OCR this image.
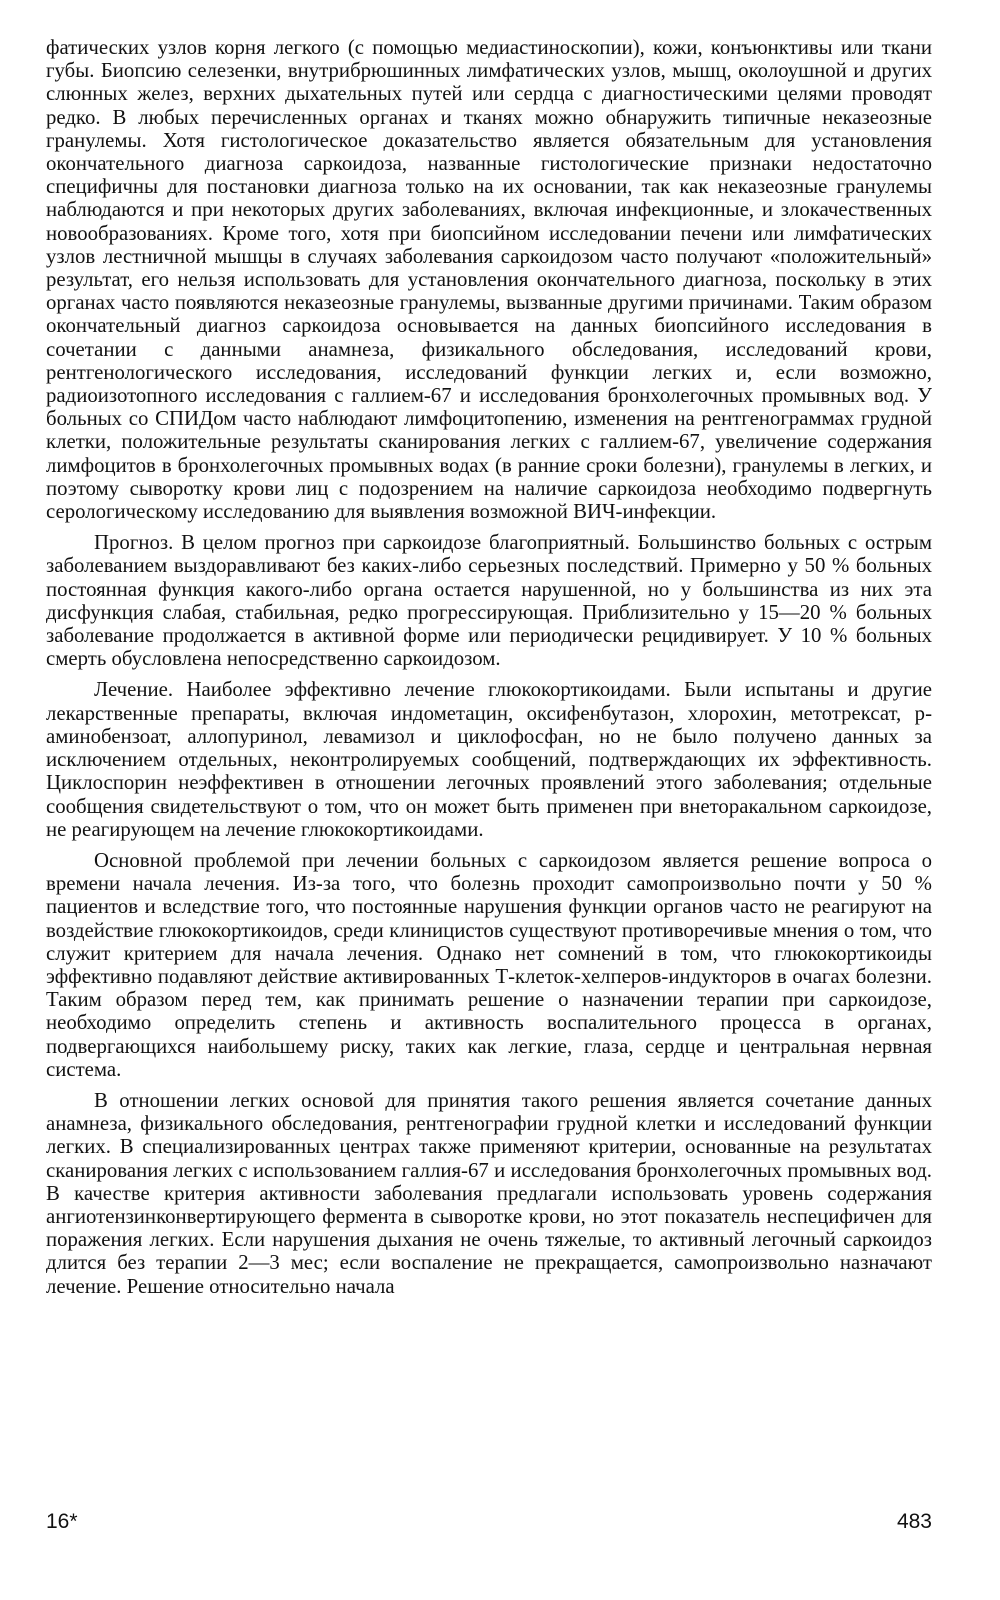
фатических узлов корня легкого (с помощью медиастиноскопии), кожи, конъюнктивы или ткани губы. Биопсию селезенки, внутрибрюшинных лимфатических узлов, мышц, околоушной и других слюнных желез, верхних дыхательных путей или сердца с диагностическими целями проводят редко. В любых перечисленных органах и тканях можно обнаружить типичные неказеозные гранулемы. Хотя гистологическое доказательство является обязательным для установления окончательного диагноза саркоидоза, названные гистологические признаки недостаточно специфичны для постановки диагноза только на их основании, так как неказеозные гранулемы наблюдаются и при некоторых других заболеваниях, включая инфекционные, и злокачественных новообразованиях. Кроме того, хотя при биопсийном исследовании печени или лимфатических узлов лестничной мышцы в случаях заболевания саркоидозом часто получают «положительный» результат, его нельзя использовать для установления окончательного диагноза, поскольку в этих органах часто появляются неказеозные гранулемы, вызванные другими причинами. Таким образом окончательный диагноз саркоидоза основывается на данных биопсийного исследования в сочетании с данными анамнеза, физикального обследования, исследований крови, рентгенологического исследования, исследований функции легких и, если возможно, радиоизотопного исследования с галлием-67 и исследования бронхолегочных промывных вод. У больных со СПИДом часто наблюдают лимфоцитопению, изменения на рентгенограммах грудной клетки, положительные результаты сканирования легких с галлием-67, увеличение содержания лимфоцитов в бронхолегочных промывных водах (в ранние сроки болезни), гранулемы в легких, и поэтому сыворотку крови лиц с подозрением на наличие саркоидоза необходимо подвергнуть серологическому исследованию для выявления возможной ВИЧ-инфекции.

Прогноз. В целом прогноз при саркоидозе благоприятный. Большинство больных с острым заболеванием выздоравливают без каких-либо серьезных последствий. Примерно у 50 % больных постоянная функция какого-либо органа остается нарушенной, но у большинства из них эта дисфункция слабая, стабильная, редко прогрессирующая. Приблизительно у 15—20 % больных заболевание продолжается в активной форме или периодически рецидивирует. У 10 % больных смерть обусловлена непосредственно саркоидозом.

Лечение. Наиболее эффективно лечение глюкокортикоидами. Были испытаны и другие лекарственные препараты, включая индометацин, оксифенбутазон, хлорохин, метотрексат, р-аминобензоат, аллопуринол, левамизол и циклофосфан, но не было получено данных за исключением отдельных, неконтролируемых сообщений, подтверждающих их эффективность. Циклоспорин неэффективен в отношении легочных проявлений этого заболевания; отдельные сообщения свидетельствуют о том, что он может быть применен при внеторакальном саркоидозе, не реагирующем на лечение глюкокортикоидами.

Основной проблемой при лечении больных с саркоидозом является решение вопроса о времени начала лечения. Из-за того, что болезнь проходит самопроизвольно почти у 50 % пациентов и вследствие того, что постоянные нарушения функции органов часто не реагируют на воздействие глюкокортикоидов, среди клиницистов существуют противоречивые мнения о том, что служит критерием для начала лечения. Однако нет сомнений в том, что глюкокортикоиды эффективно подавляют действие активированных Т-клеток-хелперов-индукторов в очагах болезни. Таким образом перед тем, как принимать решение о назначении терапии при саркоидозе, необходимо определить степень и активность воспалительного процесса в органах, подвергающихся наибольшему риску, таких как легкие, глаза, сердце и центральная нервная система.

В отношении легких основой для принятия такого решения является сочетание данных анамнеза, физикального обследования, рентгенографии грудной клетки и исследований функции легких. В специализированных центрах также применяют критерии, основанные на результатах сканирования легких с использованием галлия-67 и исследования бронхолегочных промывных вод. В качестве критерия активности заболевания предлагали использовать уровень содержания ангиотензинконвертирующего фермента в сыворотке крови, но этот показатель неспецифичен для поражения легких. Если нарушения дыхания не очень тяжелые, то активный легочный саркоидоз длится без терапии 2—3 мес; если воспаление не прекращается, самопроизвольно назначают лечение. Решение относительно начала

16*	483
